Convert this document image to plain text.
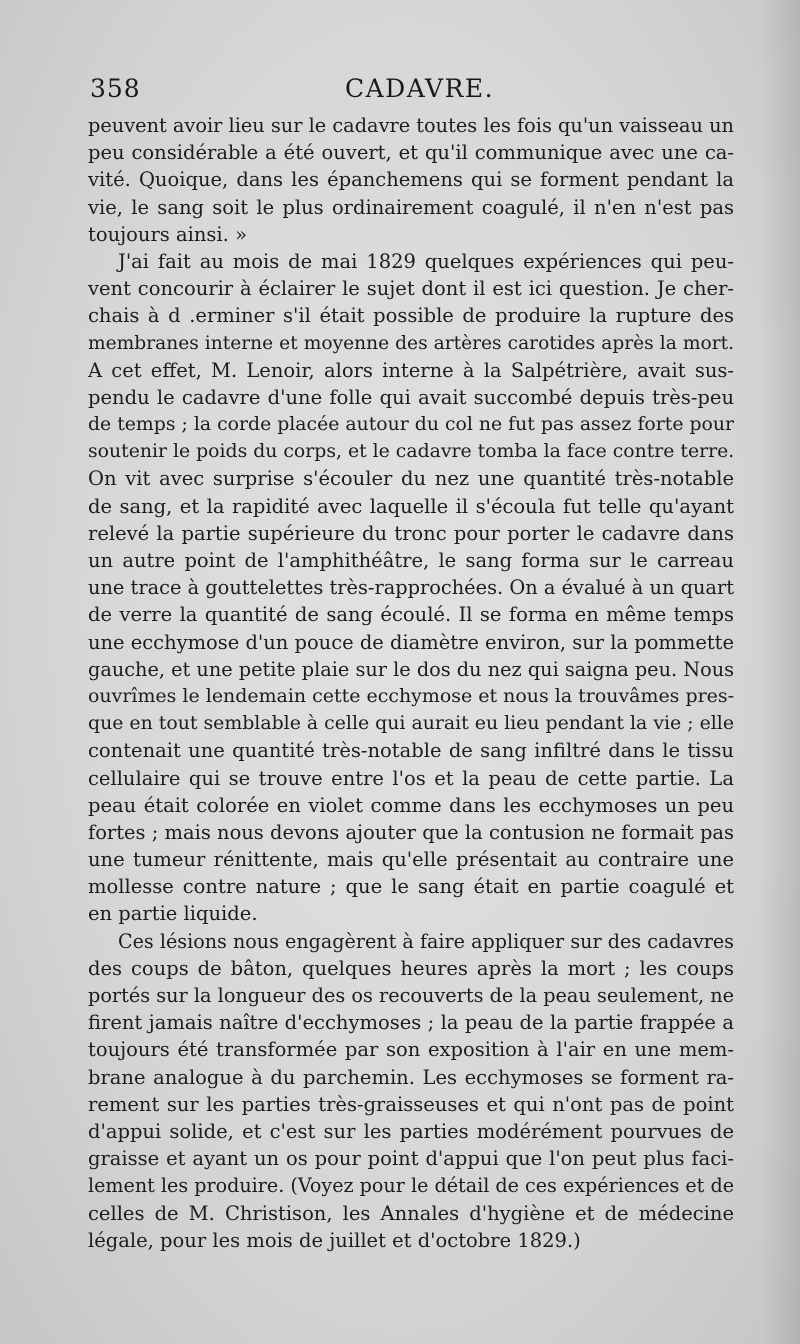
358	CADAVRE.
peuvent avoir lieu sur le cadavre toutes les fois qu'un vaisseau un
peu considérable a été ouvert, et qu'il communique avec une ca-
vité. Quoique, dans les épanchemens qui se forment pendant la
vie, le sang soit le plus ordinairement coagulé, il n'en n'est pas
toujours ainsi. »
J'ai fait au mois de mai 1829 quelques expériences qui peu-
vent concourir à éclairer le sujet dont il est ici question. Je cher-
chais à d .erminer s'il était possible de produire la rupture des
membranes interne et moyenne des artères carotides après la mort.
A cet effet, M. Lenoir, alors interne à la Salpétrière, avait sus-
pendu le cadavre d'une folle qui avait succombé depuis très-peu
de temps ; la corde placée autour du col ne fut pas assez forte pour
soutenir le poids du corps, et le cadavre tomba la face contre terre.
On vit avec surprise s'écouler du nez une quantité très-notable
de sang, et la rapidité avec laquelle il s'écoula fut telle qu'ayant
relevé la partie supérieure du tronc pour porter le cadavre dans
un autre point de l'amphithéâtre, le sang forma sur le carreau
une trace à gouttelettes très-rapprochées. On a évalué à un quart
de verre la quantité de sang écoulé. Il se forma en même temps
une ecchymose d'un pouce de diamètre environ, sur la pommette
gauche, et une petite plaie sur le dos du nez qui saigna peu. Nous
ouvrîmes le lendemain cette ecchymose et nous la trouvâmes pres-
que en tout semblable à celle qui aurait eu lieu pendant la vie ; elle
contenait une quantité très-notable de sang infiltré dans le tissu
cellulaire qui se trouve entre l'os et la peau de cette partie. La
peau était colorée en violet comme dans les ecchymoses un peu
fortes ; mais nous devons ajouter que la contusion ne formait pas
une tumeur rénittente, mais qu'elle présentait au contraire une
mollesse contre nature ; que le sang était en partie coagulé et
en partie liquide.
Ces lésions nous engagèrent à faire appliquer sur des cadavres
des coups de bâton, quelques heures après la mort ; les coups
portés sur la longueur des os recouverts de la peau seulement, ne
firent jamais naître d'ecchymoses ; la peau de la partie frappée a
toujours été transformée par son exposition à l'air en une mem-
brane analogue à du parchemin. Les ecchymoses se forment ra-
rement sur les parties très-graisseuses et qui n'ont pas de point
d'appui solide, et c'est sur les parties modérément pourvues de
graisse et ayant un os pour point d'appui que l'on peut plus faci-
lement les produire. (Voyez pour le détail de ces expériences et de
celles de M. Christison, les Annales d'hygiène et de médecine
légale, pour les mois de juillet et d'octobre 1829.)
